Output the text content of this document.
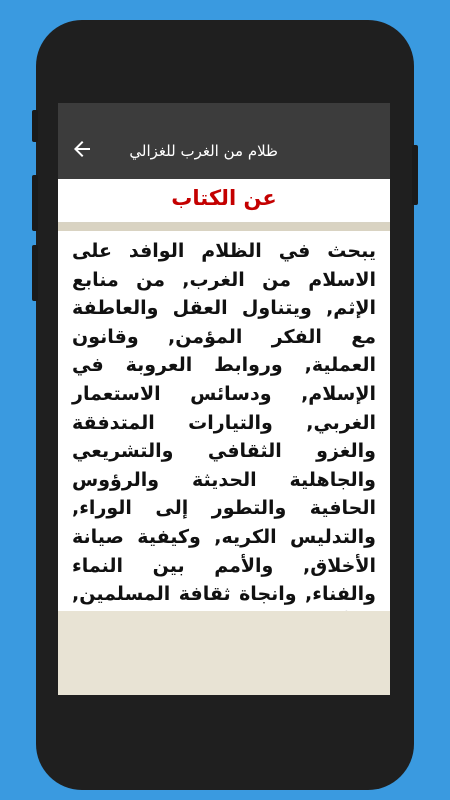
ظلام من الغرب للغزالي
عن الكتاب
يبحث في الظلام الوافد على الاسلام من الغرب, من منابع الإثم, ويتناول العقل والعاطفة مع الفكر المؤمن, وقانون العملية, وروابط العروبة في الإسلام, ودسائس الاستعمار الغربي, والتيارات المتدفقة والغزو الثقافي والتشريعي والجاهلية الحديثة والرؤوس الحافية والتطور إلى الوراء, والتدليس الكريه, وكيفية صيانة الأخلاق, والأمم بين النماء والفناء, وانجاة ثقافة المسلمين,
